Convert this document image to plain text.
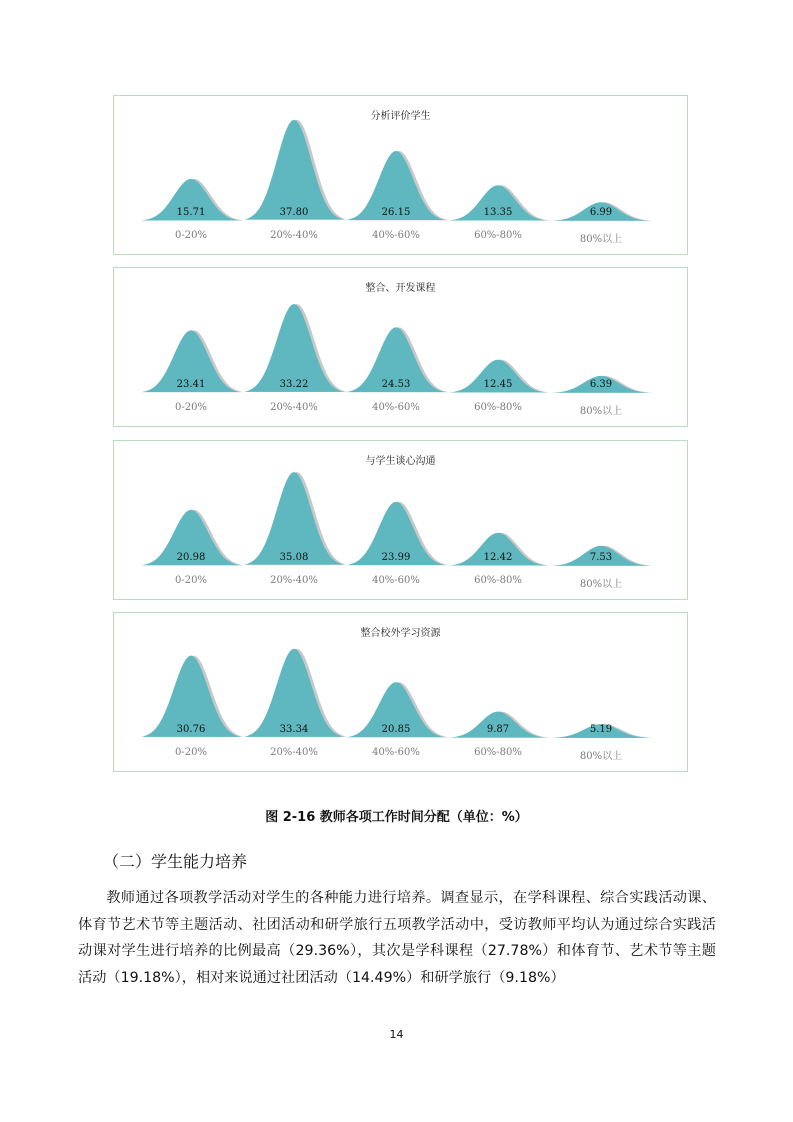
分析评价学生
15.71
0-20%
37.80
20%-40%
26.15
40%-60%
13.35
60%-80%
6.99
80%以上
整合、开发课程
23.41
0-20%
33.22
20%-40%
24.53
40%-60%
12.45
60%-80%
6.39
80%以上
与学生谈心沟通
20.98
0-20%
35.08
20%-40%
23.99
40%-60%
12.42
60%-80%
7.53
80%以上
整合校外学习资源
30.76
0-20%
33.34
20%-40%
20.85
40%-60%
9.87
60%-80%
5.19
80%以上
图 2-16 教师各项工作时间分配（单位：%）
（二）学生能力培养

教师通过各项教学活动对学生的各种能力进行培养。调查显示，在学科课程、综合实践活动课、体育节艺术节等主题活动、社团活动和研学旅行五项教学活动中，受访教师平均认为通过综合实践活动课对学生进行培养的比例最高（29.36%），其次是学科课程（27.78%）和体育节、艺术节等主题活动（19.18%），相对来说通过社团活动（14.49%）和研学旅行（9.18%）

14
